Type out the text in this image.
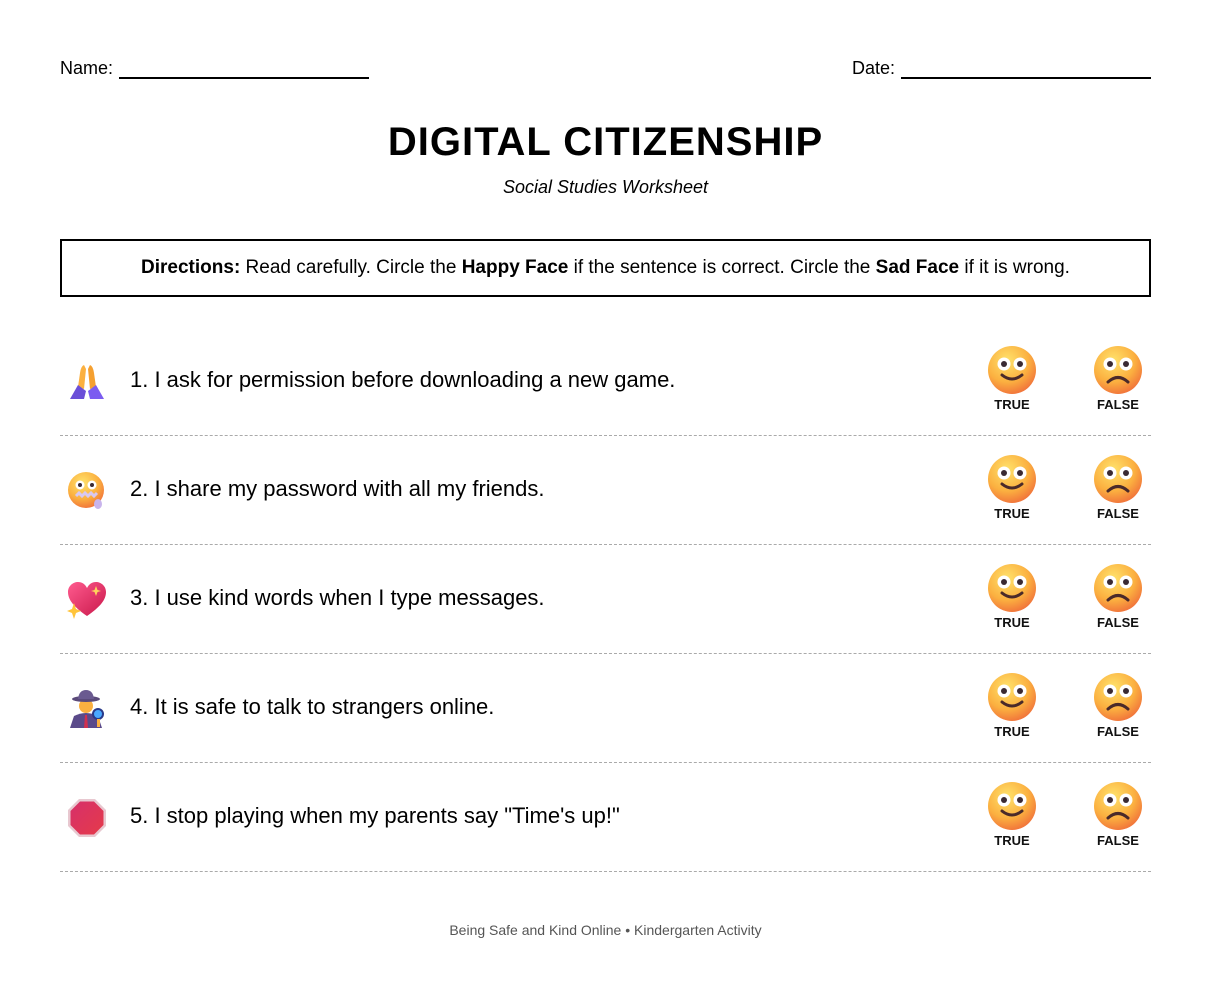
Name:	Date:
DIGITAL CITIZENSHIP
Social Studies Worksheet
Directions: Read carefully. Circle the Happy Face if the sentence is correct. Circle the Sad Face if it is wrong.
1. I ask for permission before downloading a new game.
TRUE	FALSE
2. I share my password with all my friends.
TRUE	FALSE
3. I use kind words when I type messages.
TRUE	FALSE
4. It is safe to talk to strangers online.
TRUE	FALSE
5. I stop playing when my parents say "Time's up!"
TRUE	FALSE
Being Safe and Kind Online • Kindergarten Activity
